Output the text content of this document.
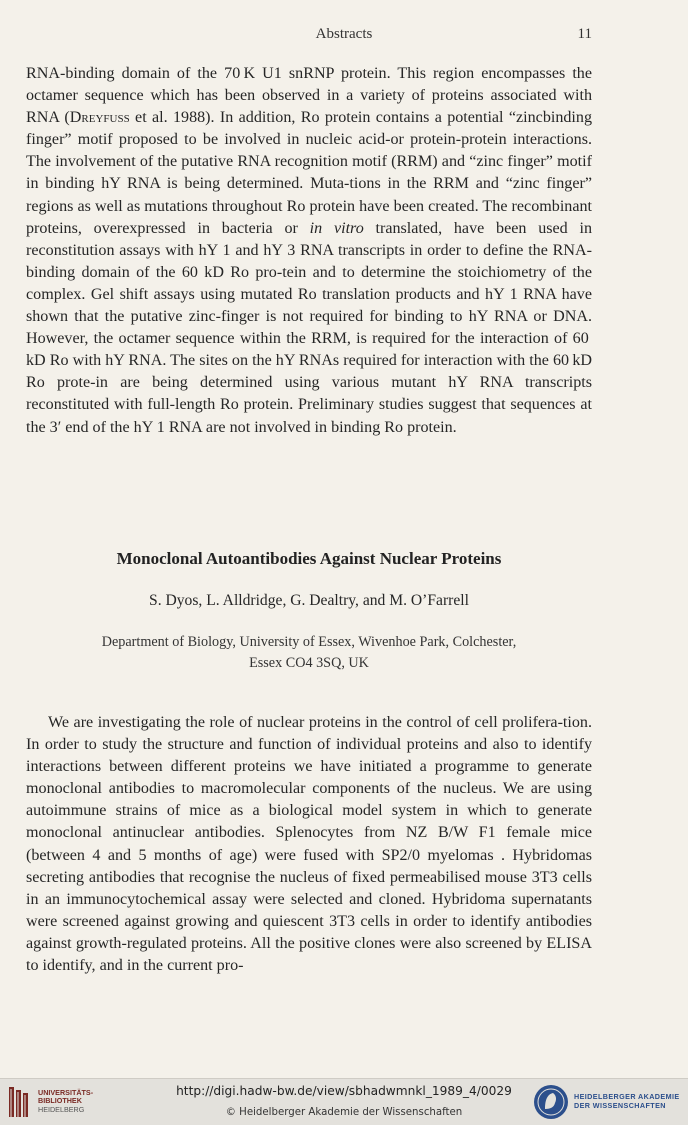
Abstracts	11

RNA-binding domain of the 70 K U1 snRNP protein. This region encompasses the octamer sequence which has been observed in a variety of proteins associated with RNA (Dreyfuss et al. 1988). In addition, Ro protein contains a potential “zincbinding finger” motif proposed to be involved in nucleic acid-or protein-protein interactions. The involvement of the putative RNA recognition motif (RRM) and “zinc finger” motif in binding hY RNA is being determined. Muta-tions in the RRM and “zinc finger” regions as well as mutations throughout Ro protein have been created. The recombinant proteins, overexpressed in bacteria or in vitro translated, have been used in reconstitution assays with hY 1 and hY 3 RNA transcripts in order to define the RNA-binding domain of the 60 kD Ro pro-tein and to determine the stoichiometry of the complex. Gel shift assays using mutated Ro translation products and hY 1 RNA have shown that the putative zinc-finger is not required for binding to hY RNA or DNA. However, the octamer sequence within the RRM, is required for the interaction of 60 kD Ro with hY RNA. The sites on the hY RNAs required for interaction with the 60 kD Ro prote-in are being determined using various mutant hY RNA transcripts reconstituted with full-length Ro protein. Preliminary studies suggest that sequences at the 3′ end of the hY 1 RNA are not involved in binding Ro protein.

Monoclonal Autoantibodies Against Nuclear Proteins
S. Dyos, L. Alldridge, G. Dealtry, and M. O’Farrell
Department of Biology, University of Essex, Wivenhoe Park, Colchester,
Essex CO4 3SQ, UK

We are investigating the role of nuclear proteins in the control of cell prolifera-tion. In order to study the structure and function of individual proteins and also to identify interactions between different proteins we have initiated a programme to generate monoclonal antibodies to macromolecular components of the nucleus. We are using autoimmune strains of mice as a biological model system in which to generate monoclonal antinuclear antibodies. Splenocytes from NZ B/W F1 female mice (between 4 and 5 months of age) were fused with SP2/0 myelomas . Hybridomas secreting antibodies that recognise the nucleus of fixed permeabilised mouse 3T3 cells in an immunocytochemical assay were selected and cloned. Hybridoma supernatants were screened against growing and quiescent 3T3 cells in order to identify antibodies against growth-regulated proteins. All the positive clones were also screened by ELISA to identify, and in the current pro-

UNIVERSITÄTS-
BIBLIOTHEK
HEIDELBERG
http://digi.hadw-bw.de/view/sbhadwmnkl_1989_4/0029
© Heidelberger Akademie der Wissenschaften
HEIDELBERGER AKADEMIE
DER WISSENSCHAFTEN
